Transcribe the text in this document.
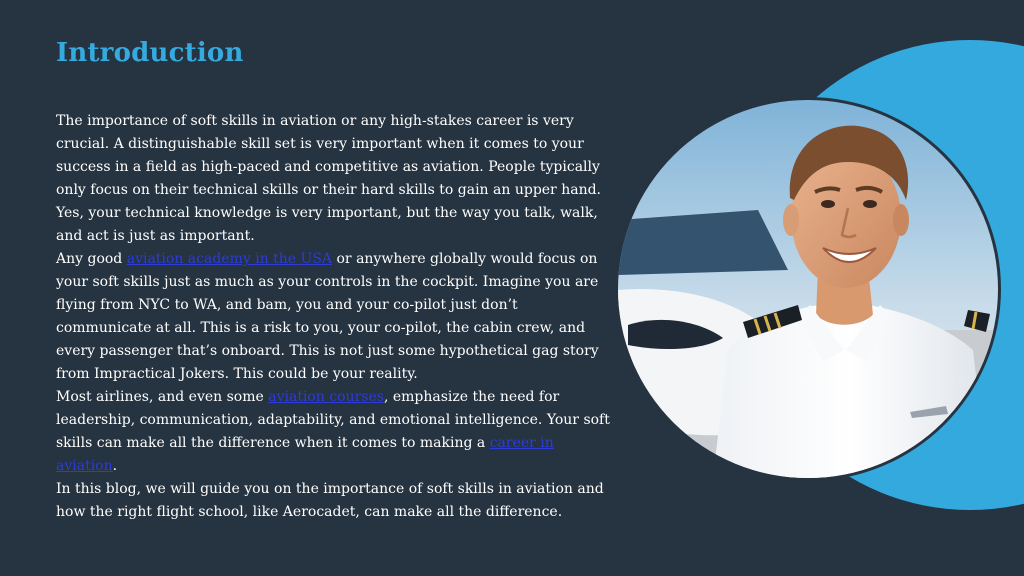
Introduction

The importance of soft skills in aviation or any high-stakes career is very crucial. A distinguishable skill set is very important when it comes to your success in a field as high-paced and competitive as aviation. People typically only focus on their technical skills or their hard skills to gain an upper hand. Yes, your technical knowledge is very important, but the way you talk, walk, and act is just as important.

Any good aviation academy in the USA or anywhere globally would focus on your soft skills just as much as your controls in the cockpit. Imagine you are flying from NYC to WA, and bam, you and your co-pilot just don’t communicate at all. This is a risk to you, your co-pilot, the cabin crew, and every passenger that’s onboard. This is not just some hypothetical gag story from Impractical Jokers. This could be your reality.

Most airlines, and even some aviation courses, emphasize the need for leadership, communication, adaptability, and emotional intelligence. Your soft skills can make all the difference when it comes to making a career in aviation.

In this blog, we will guide you on the importance of soft skills in aviation and how the right flight school, like Aerocadet, can make all the difference.
